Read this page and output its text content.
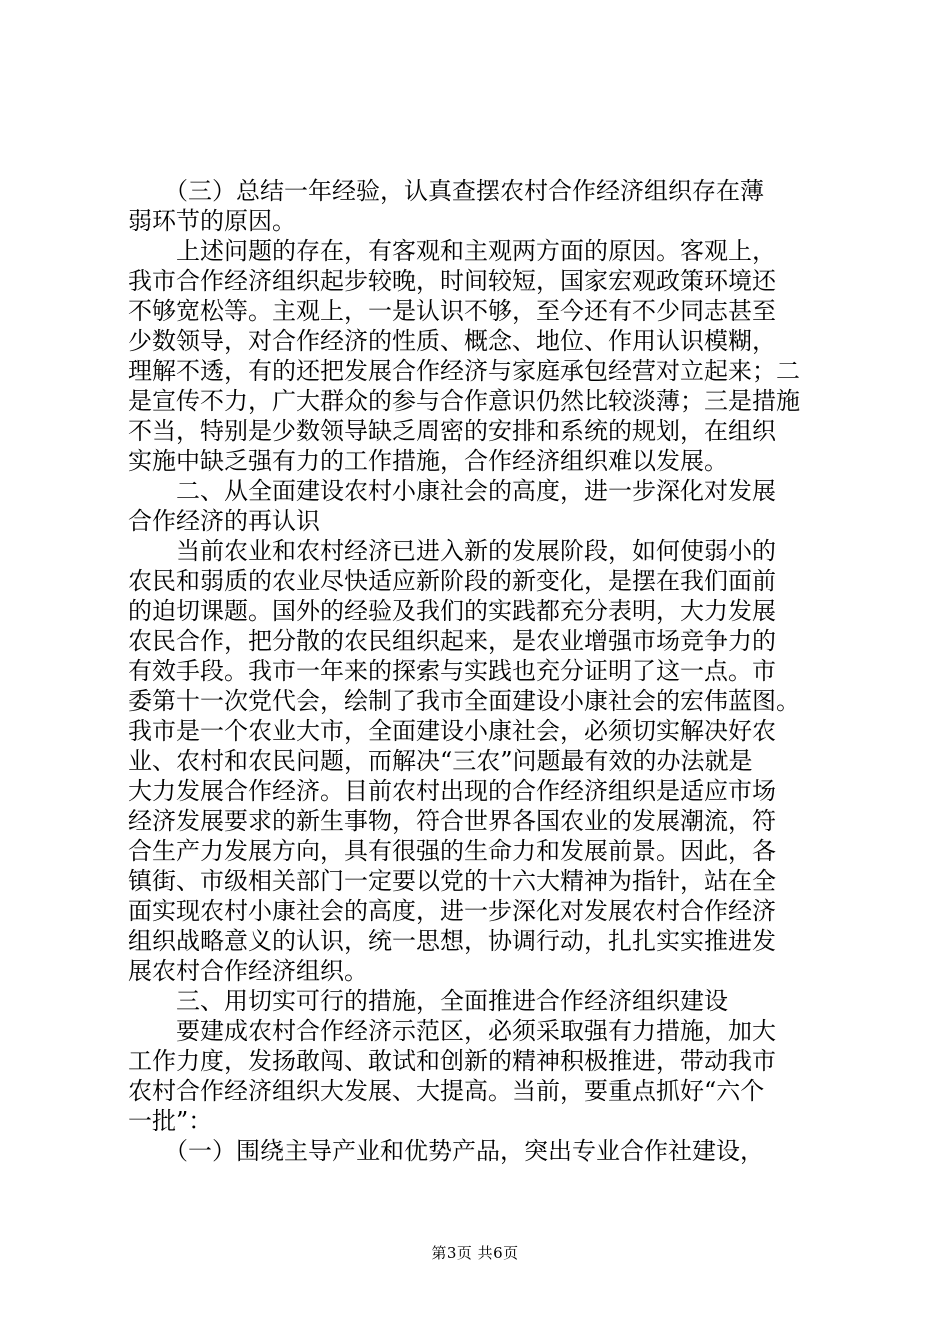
　　（三）总结一年经验，认真查摆农村合作经济组织存在薄
弱环节的原因。
　　上述问题的存在，有客观和主观两方面的原因。客观上，
我市合作经济组织起步较晚，时间较短，国家宏观政策环境还
不够宽松等。主观上，一是认识不够，至今还有不少同志甚至
少数领导，对合作经济的性质、概念、地位、作用认识模糊，
理解不透，有的还把发展合作经济与家庭承包经营对立起来；二
是宣传不力，广大群众的参与合作意识仍然比较淡薄；三是措施
不当，特别是少数领导缺乏周密的安排和系统的规划，在组织
实施中缺乏强有力的工作措施，合作经济组织难以发展。
　　二、从全面建设农村小康社会的高度，进一步深化对发展
合作经济的再认识
　　当前农业和农村经济已进入新的发展阶段，如何使弱小的
农民和弱质的农业尽快适应新阶段的新变化，是摆在我们面前
的迫切课题。国外的经验及我们的实践都充分表明，大力发展
农民合作，把分散的农民组织起来，是农业增强市场竞争力的
有效手段。我市一年来的探索与实践也充分证明了这一点。市
委第十一次党代会，绘制了我市全面建设小康社会的宏伟蓝图。
我市是一个农业大市，全面建设小康社会，必须切实解决好农
业、农村和农民问题，而解决“三农”问题最有效的办法就是
大力发展合作经济。目前农村出现的合作经济组织是适应市场
经济发展要求的新生事物，符合世界各国农业的发展潮流，符
合生产力发展方向，具有很强的生命力和发展前景。因此，各
镇街、市级相关部门一定要以党的十六大精神为指针，站在全
面实现农村小康社会的高度，进一步深化对发展农村合作经济
组织战略意义的认识，统一思想，协调行动，扎扎实实推进发
展农村合作经济组织。
　　三、用切实可行的措施，全面推进合作经济组织建设
　　要建成农村合作经济示范区，必须采取强有力措施，加大
工作力度，发扬敢闯、敢试和创新的精神积极推进，带动我市
农村合作经济组织大发展、大提高。当前，要重点抓好“六个
一批”：
　　（一）围绕主导产业和优势产品，突出专业合作社建设，
第3页 共6页
